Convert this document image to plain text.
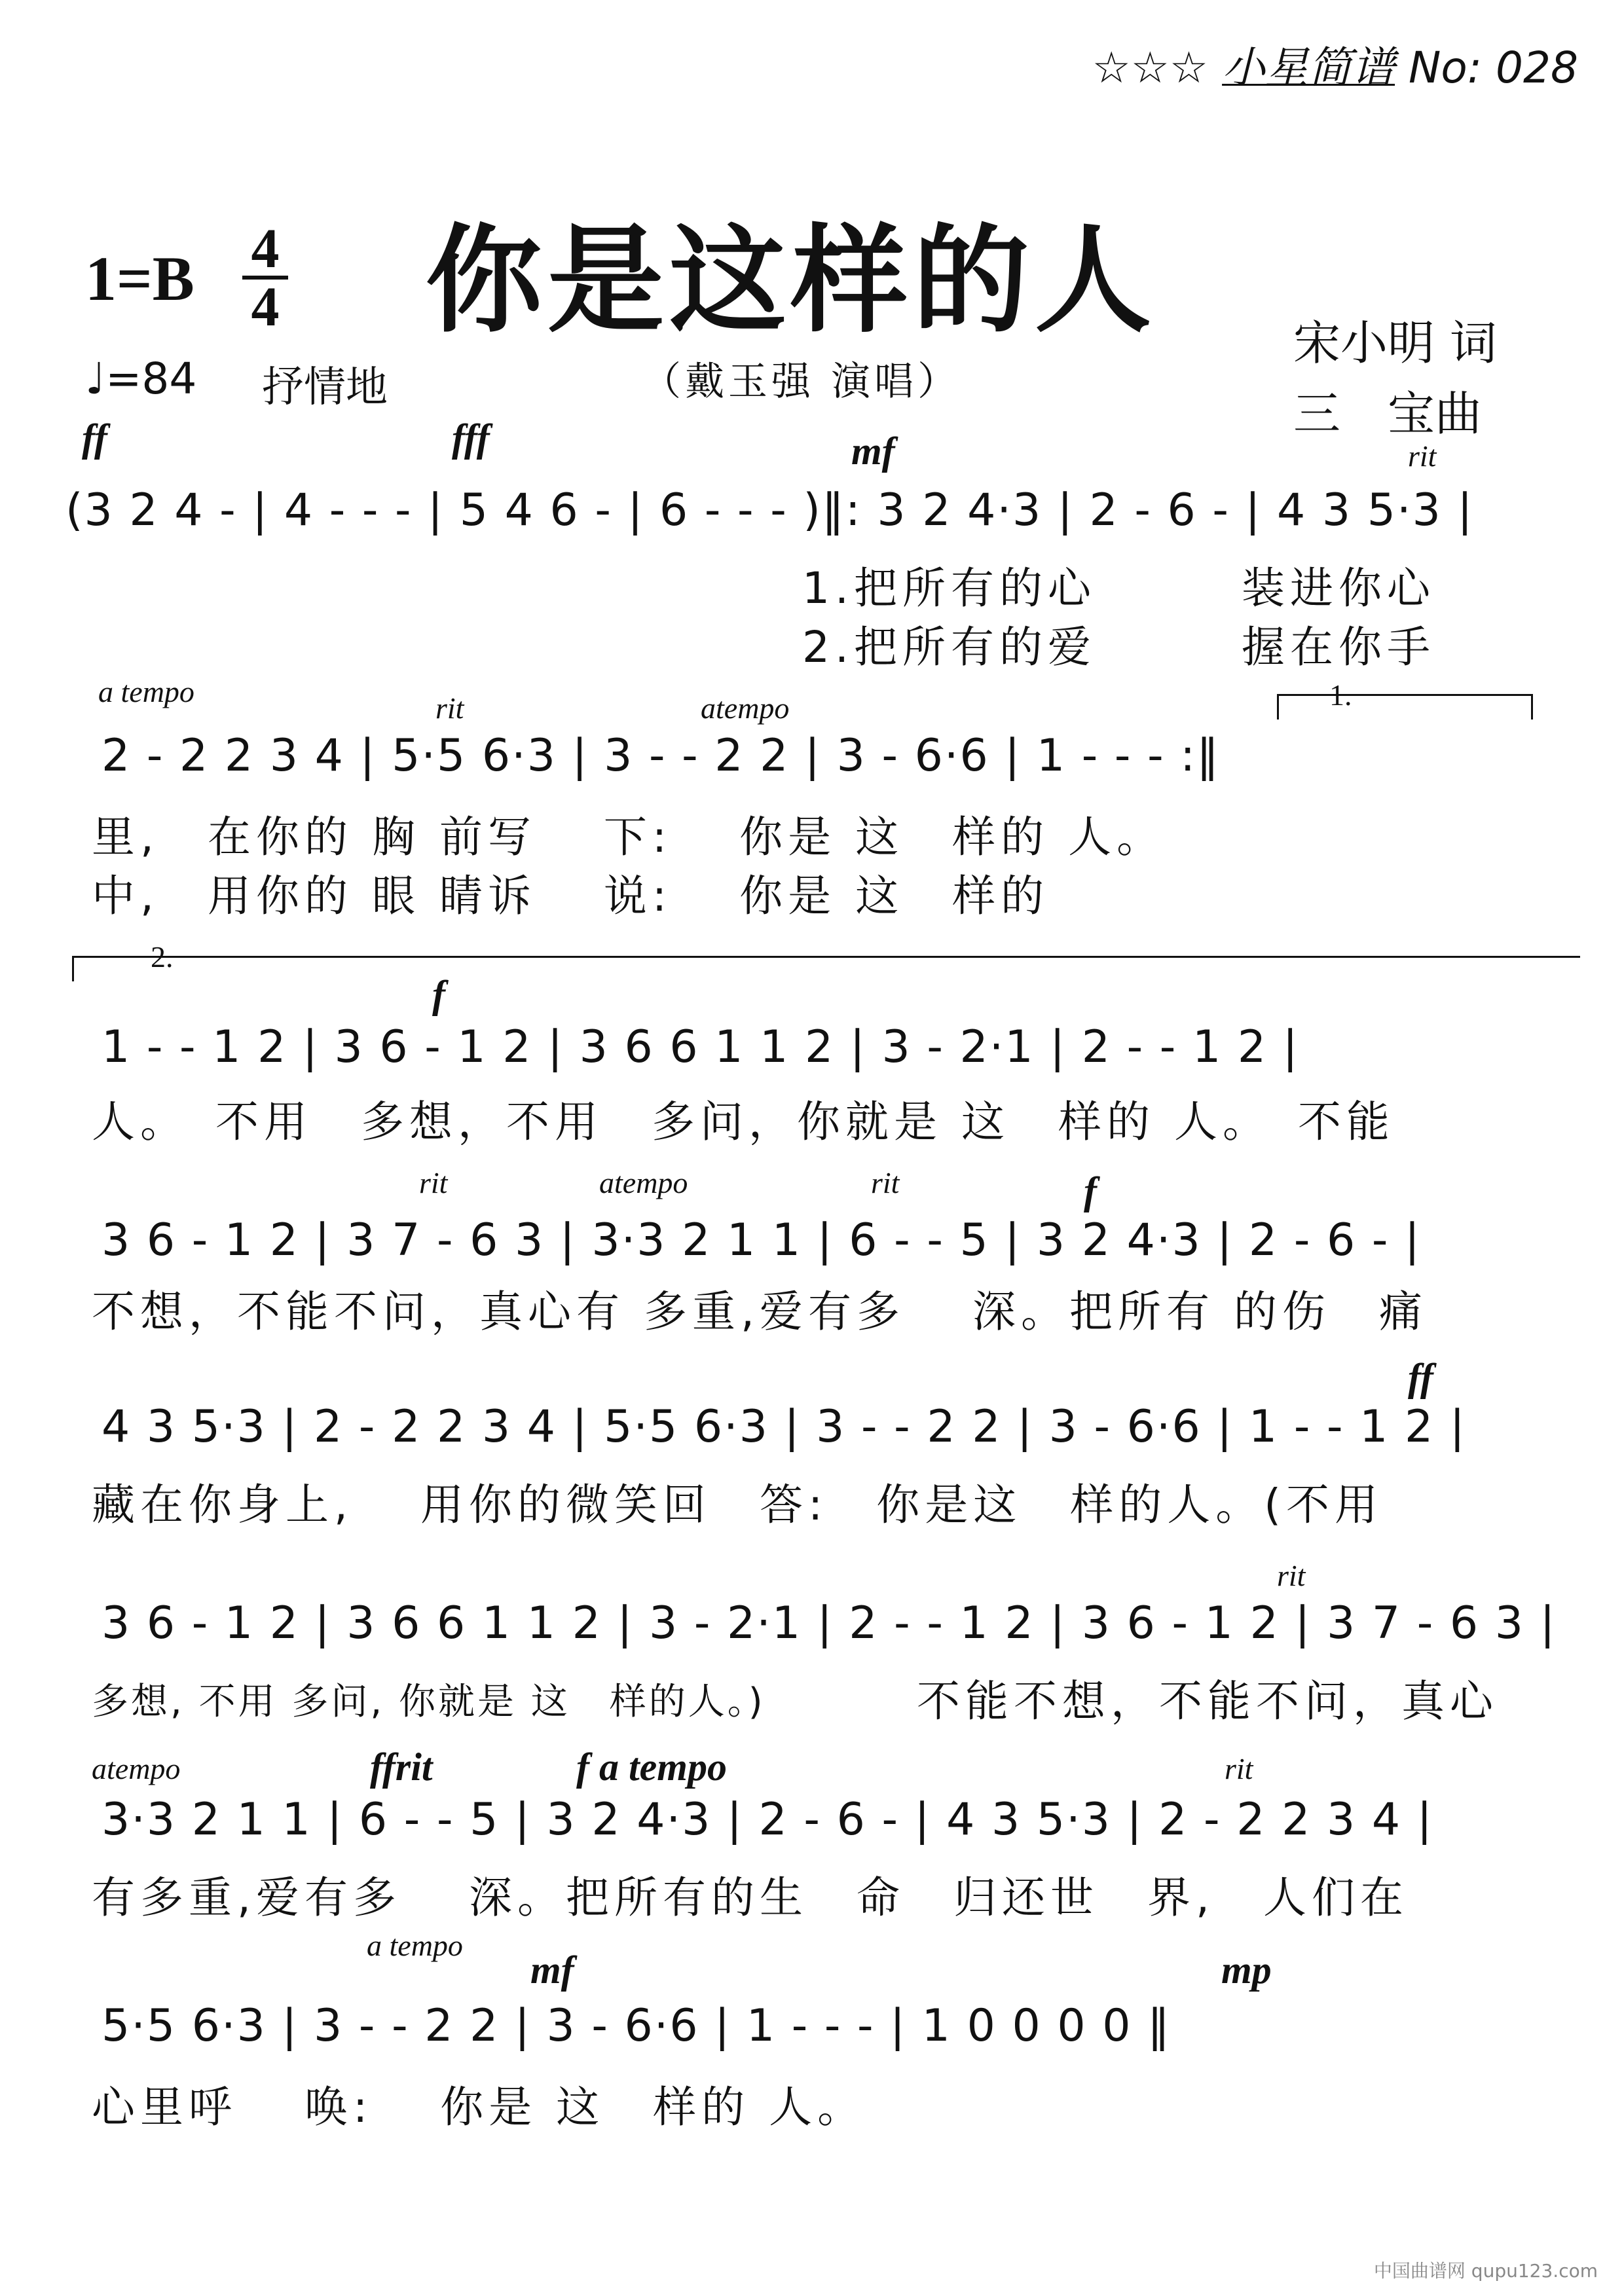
☆☆☆ 小星简谱 No: 028
1=B 4
4 你是这样的人	宋小明 词
三　宝曲
♩=84 抒情地	（戴玉强 演唱）
ff	fff	mf	rit
(3 2 4 - | 4 - - - | 5 4 6 - | 6 - - - )‖: 3 2 4·3 | 2 - 6 - | 4 3 5·3 |
1.把所有的心　　　装进你心
2.把所有的爱　　　握在你手
a tempo	rit	atempo	1.
2 - 2 2 3 4 | 5·5 6·3 | 3 - - 2 2 | 3 - 6·6 | 1 - - - :‖
里,　在你的 胸 前写　 下:　 你是 这　样的 人。
中,　用你的 眼 睛诉　 说:　 你是 这　样的
2.
f
1 - - 1 2 | 3 6 - 1 2 | 3 6 6 1 1 2 | 3 - 2·1 | 2 - - 1 2 |
人。　不用　多想，不用　多问，你就是 这　样的 人。　不能
rit	atempo	rit	f
3 6 - 1 2 | 3 7 - 6 3 | 3·3 2 1 1 | 6 - - 5 | 3 2 4·3 | 2 - 6 - |
不想，不能不问，真心有 多重,爱有多　 深。把所有 的伤　痛
ff
4 3 5·3 | 2 - 2 2 3 4 | 5·5 6·3 | 3 - - 2 2 | 3 - 6·6 | 1 - - 1 2 |
藏在你身上,　 用你的微笑回　答:　你是这　样的人。(不用
rit
3 6 - 1 2 | 3 6 6 1 1 2 | 3 - 2·1 | 2 - - 1 2 | 3 6 - 1 2 | 3 7 - 6 3 |
多想, 不用 多问, 你就是 这　样的人。)	不能不想，不能不问，真心
atempo	ffrit	f a tempo	rit
3·3 2 1 1 | 6 - - 5 | 3 2 4·3 | 2 - 6 - | 4 3 5·3 | 2 - 2 2 3 4 |
有多重,爱有多　 深。把所有的生　命　归还世　界,　人们在
a tempo
mf	mp
5·5 6·3 | 3 - - 2 2 | 3 - 6·6 | 1 - - - | 1 0 0 0 0 ‖
心里呼　 唤:　 你是 这　样的 人。
中国曲谱网 qupu123.com
